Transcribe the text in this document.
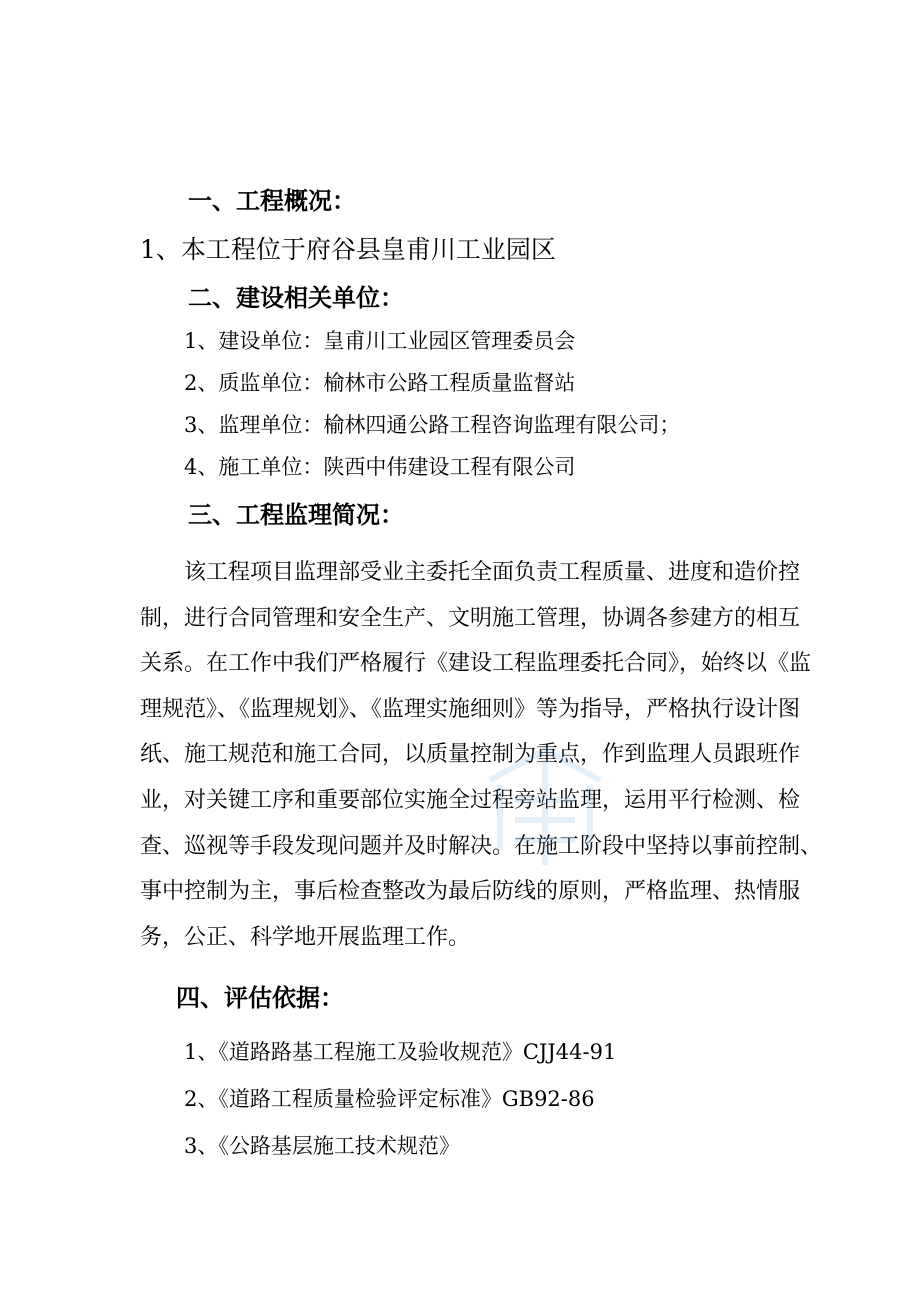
一、工程概况：
1、本工程位于府谷县皇甫川工业园区
二、建设相关单位：
1、建设单位：皇甫川工业园区管理委员会
2、质监单位：榆林市公路工程质量监督站
3、监理单位：榆林四通公路工程咨询监理有限公司；
4、施工单位：陕西中伟建设工程有限公司
三、工程监理简况：
该工程项目监理部受业主委托全面负责工程质量、进度和造价控
制，进行合同管理和安全生产、文明施工管理，协调各参建方的相互
关系。在工作中我们严格履行《建设工程监理委托合同》，始终以《监
理规范》、《监理规划》、《监理实施细则》等为指导，严格执行设计图
纸、施工规范和施工合同，以质量控制为重点，作到监理人员跟班作
业，对关键工序和重要部位实施全过程旁站监理，运用平行检测、检
查、巡视等手段发现问题并及时解决。在施工阶段中坚持以事前控制、
事中控制为主，事后检查整改为最后防线的原则，严格监理、热情服
务，公正、科学地开展监理工作。
四、评估依据：
1、《道路路基工程施工及验收规范》CJJ44-91
2、《道路工程质量检验评定标准》GB92-86
3、《公路基层施工技术规范》
